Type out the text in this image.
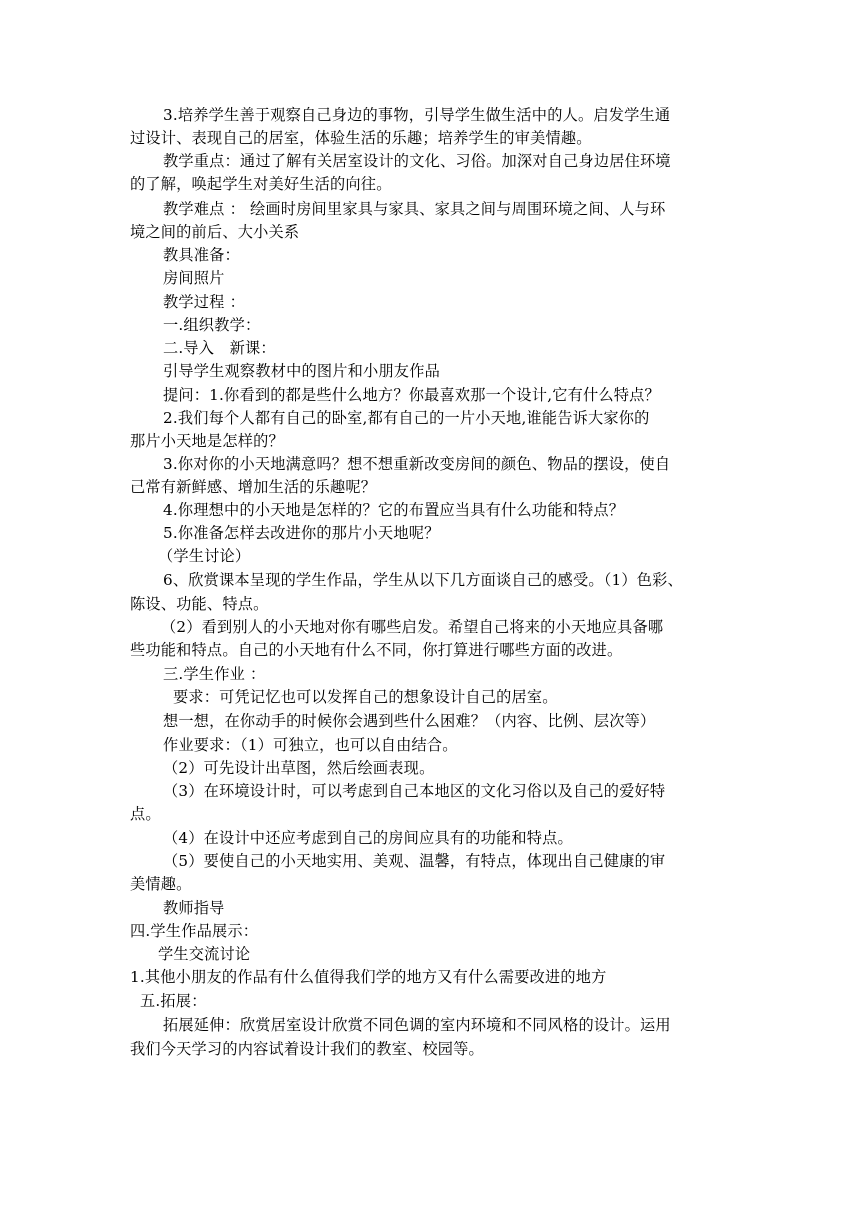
3.培养学生善于观察自己身边的事物，引导学生做生活中的人。启发学生通
过设计、表现自己的居室，体验生活的乐趣；培养学生的审美情趣。
教学重点：通过了解有关居室设计的文化、习俗。加深对自己身边居住环境
的了解，唤起学生对美好生活的向往。
教学难点 ： 绘画时房间里家具与家具、家具之间与周围环境之间、人与环
境之间的前后、大小关系
教具准备：
房间照片
教学过程 ：
一.组织教学：
二.导入　新课：
引导学生观察教材中的图片和小朋友作品
提问：1.你看到的都是些什么地方？你最喜欢那一个设计,它有什么特点？
2.我们每个人都有自己的卧室,都有自己的一片小天地,谁能告诉大家你的
那片小天地是怎样的？
3.你对你的小天地满意吗？想不想重新改变房间的颜色、物品的摆设，使自
己常有新鲜感、增加生活的乐趣呢？
4.你理想中的小天地是怎样的？它的布置应当具有什么功能和特点？
5.你准备怎样去改进你的那片小天地呢？
（学生讨论）
6、欣赏课本呈现的学生作品，学生从以下几方面谈自己的感受。（1）色彩、
陈设、功能、特点。
（2）看到别人的小天地对你有哪些启发。希望自己将来的小天地应具备哪
些功能和特点。自己的小天地有什么不同，你打算进行哪些方面的改进。
三.学生作业 ：
要求：可凭记忆也可以发挥自己的想象设计自己的居室。
想一想，在你动手的时候你会遇到些什么困难？（内容、比例、层次等）
作业要求：（1）可独立，也可以自由结合。
（2）可先设计出草图，然后绘画表现。
（3）在环境设计时，可以考虑到自己本地区的文化习俗以及自己的爱好特
点。
（4）在设计中还应考虑到自己的房间应具有的功能和特点。
（5）要使自己的小天地实用、美观、温馨，有特点，体现出自己健康的审
美情趣。
教师指导
四.学生作品展示：
学生交流讨论
1.其他小朋友的作品有什么值得我们学的地方又有什么需要改进的地方
五.拓展：
拓展延伸：欣赏居室设计欣赏不同色调的室内环境和不同风格的设计。运用
我们今天学习的内容试着设计我们的教室、校园等。
